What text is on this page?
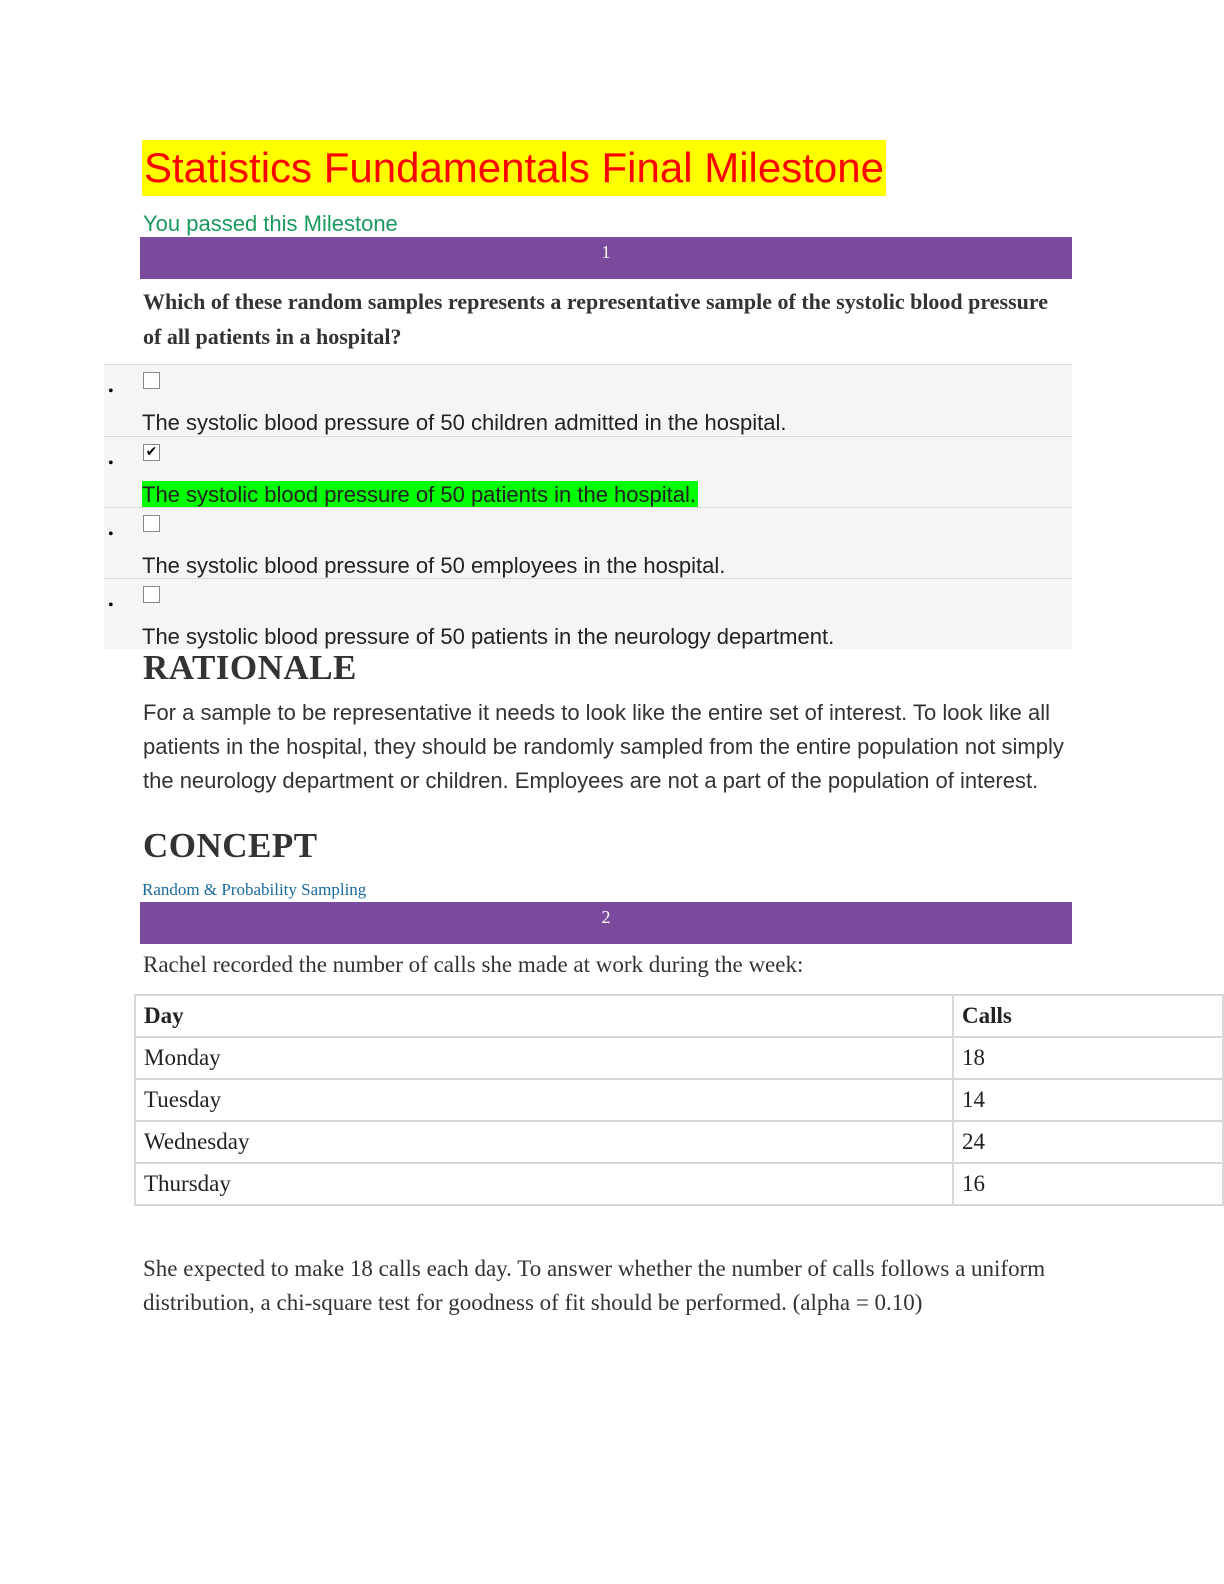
Statistics Fundamentals Final Milestone
You passed this Milestone
1
Which of these random samples represents a representative sample of the systolic blood pressure of all patients in a hospital?
•
The systolic blood pressure of 50 children admitted in the hospital.
•
✔
The systolic blood pressure of 50 patients in the hospital.
•
The systolic blood pressure of 50 employees in the hospital.
•
The systolic blood pressure of 50 patients in the neurology department.
RATIONALE
For a sample to be representative it needs to look like the entire set of interest. To look like all patients in the hospital, they should be randomly sampled from the entire population not simply the neurology department or children. Employees are not a part of the population of interest.
CONCEPT
Random & Probability Sampling
2
Rachel recorded the number of calls she made at work during the week:
Day	Calls
Monday	18
Tuesday	14
Wednesday	24
Thursday	16
She expected to make 18 calls each day. To answer whether the number of calls follows a uniform distribution, a chi-square test for goodness of fit should be performed. (alpha = 0.10)
